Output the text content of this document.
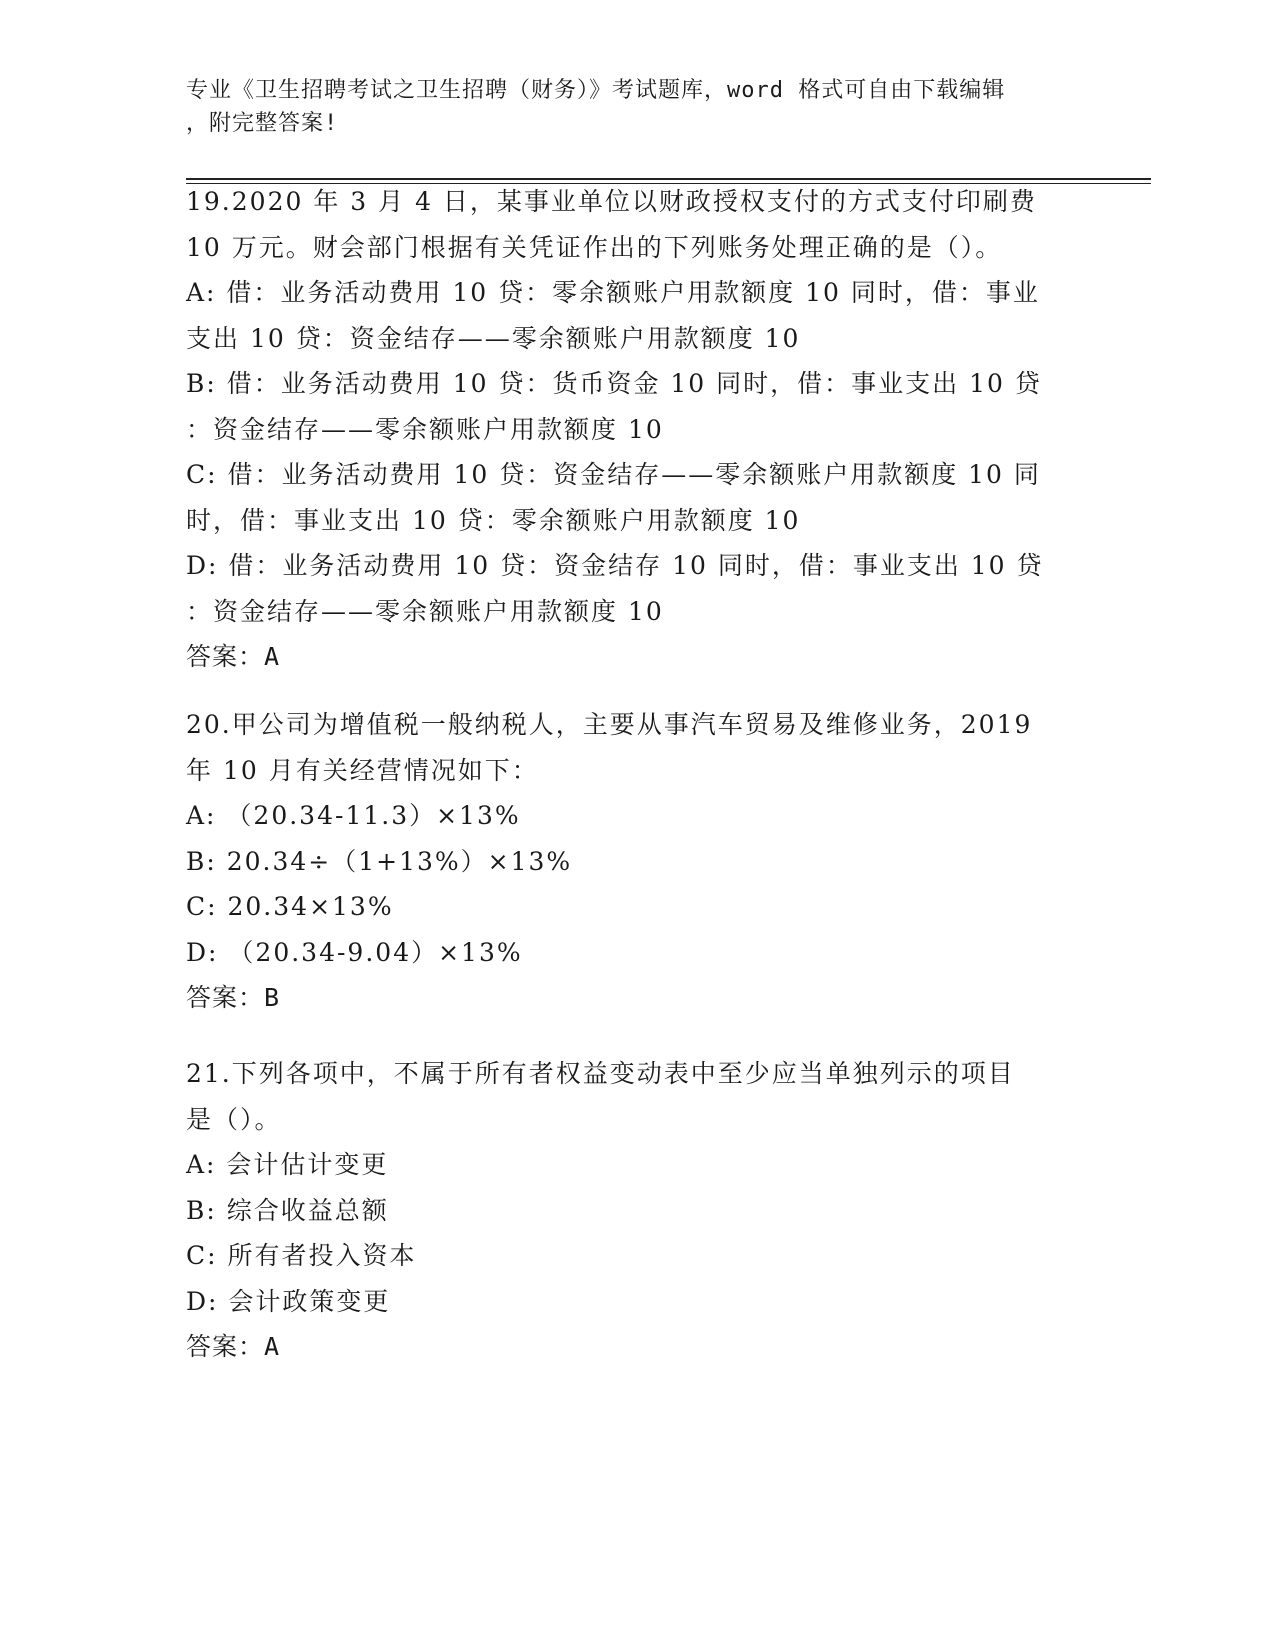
专业《卫生招聘考试之卫生招聘（财务）》考试题库，word 格式可自由下载编辑
，附完整答案!
19.2020 年 3 月 4 日，某事业单位以财政授权支付的方式支付印刷费
10 万元。财会部门根据有关凭证作出的下列账务处理正确的是（）。
A: 借：业务活动费用 10 贷：零余额账户用款额度 10 同时，借：事业
支出 10 贷：资金结存——零余额账户用款额度 10
B: 借：业务活动费用 10 贷：货币资金 10 同时，借：事业支出 10 贷
：资金结存——零余额账户用款额度 10
C: 借：业务活动费用 10 贷：资金结存——零余额账户用款额度 10 同
时，借：事业支出 10 贷：零余额账户用款额度 10
D: 借：业务活动费用 10 贷：资金结存 10 同时，借：事业支出 10 贷
：资金结存——零余额账户用款额度 10
答案：A
20.甲公司为增值税一般纳税人，主要从事汽车贸易及维修业务，2019
年 10 月有关经营情况如下：
A: （20.34-11.3）×13%
B: 20.34÷（1+13%）×13%
C: 20.34×13%
D: （20.34-9.04）×13%
答案：B
21.下列各项中，不属于所有者权益变动表中至少应当单独列示的项目
是（）。
A: 会计估计变更
B: 综合收益总额
C: 所有者投入资本
D: 会计政策变更
答案：A
